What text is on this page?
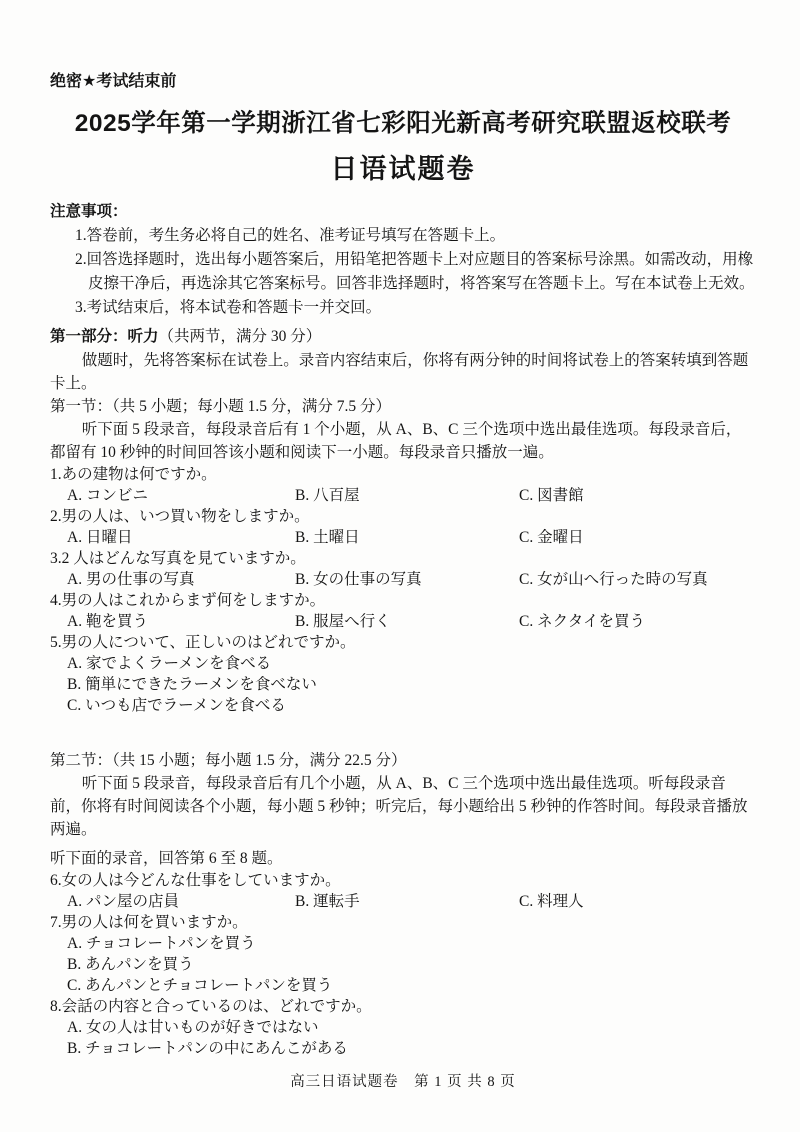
绝密★考试结束前
2025学年第一学期浙江省七彩阳光新高考研究联盟返校联考
日语试题卷
注意事项：
1.答卷前，考生务必将自己的姓名、准考证号填写在答题卡上。
2.回答选择题时，选出每小题答案后，用铅笔把答题卡上对应题目的答案标号涂黑。如需改动，用橡皮擦干净后，再选涂其它答案标号。回答非选择题时，将答案写在答题卡上。写在本试卷上无效。
3.考试结束后，将本试卷和答题卡一并交回。
第一部分：听力（共两节，满分 30 分）

做题时，先将答案标在试卷上。录音内容结束后，你将有两分钟的时间将试卷上的答案转填到答题卡上。

第一节：（共 5 小题；每小题 1.5 分，满分 7.5 分）

听下面 5 段录音，每段录音后有 1 个小题，从 A、B、C 三个选项中选出最佳选项。每段录音后，都留有 10 秒钟的时间回答该小题和阅读下一小题。每段录音只播放一遍。

1.あの建物は何ですか。
A. コンビニ	B. 八百屋	C. 図書館
2.男の人は、いつ買い物をしますか。
A. 日曜日	B. 土曜日	C. 金曜日
3.2 人はどんな写真を見ていますか。
A. 男の仕事の写真	B. 女の仕事の写真	C. 女が山へ行った時の写真
4.男の人はこれからまず何をしますか。
A. 鞄を買う	B. 服屋へ行く	C. ネクタイを買う
5.男の人について、正しいのはどれですか。
A. 家でよくラーメンを食べる
B. 簡単にできたラーメンを食べない
C. いつも店でラーメンを食べる
第二节：（共 15 小题；每小题 1.5 分，满分 22.5 分）

听下面 5 段录音，每段录音后有几个小题，从 A、B、C 三个选项中选出最佳选项。听每段录音前，你将有时间阅读各个小题，每小题 5 秒钟；听完后，每小题给出 5 秒钟的作答时间。每段录音播放两遍。

听下面的录音，回答第 6 至 8 题。
6.女の人は今どんな仕事をしていますか。
A. パン屋の店員	B. 運転手	C. 料理人
7.男の人は何を買いますか。
A. チョコレートパンを買う
B. あんパンを買う
C. あんパンとチョコレートパンを買う
8.会話の内容と合っているのは、どれですか。
A. 女の人は甘いものが好きではない
B. チョコレートパンの中にあんこがある
高三日语试题卷　第 1 页 共 8 页
